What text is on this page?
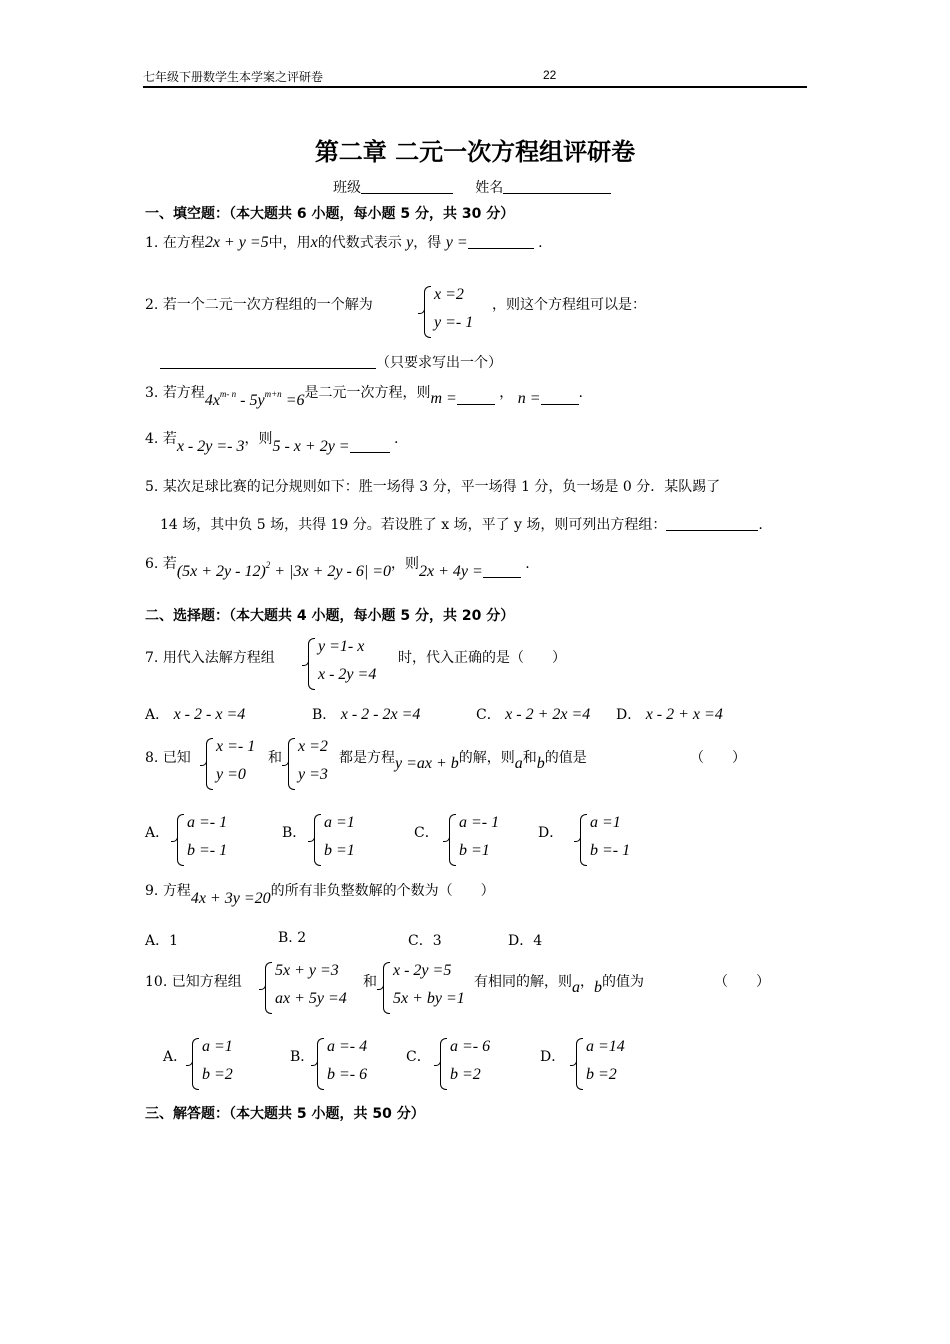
七年级下册数学生本学案之评研卷	22
第二章 二元一次方程组评研卷
班级	姓名
一、填空题：（本大题共 6 小题，每小题 5 分，共 30 分）
1. 在方程2x + y =5中，用x的代数式表示 y，得 y =	.
2. 若一个二元一次方程组的一个解为
x =2
y =- 1
，则这个方程组可以是：
（只要求写出一个）
3. 若方程$4x^{m- n} - 5y^{m+n} =6$是二元一次方程，则m =	， n =	.
4. 若x - 2y =- 3，则5 - x + 2y =	.
5. 某次足球比赛的记分规则如下：胜一场得 3 分，平一场得 1 分，负一场是 0 分．某队踢了
14 场，其中负 5 场，共得 19 分。若设胜了 x 场，平了 y 场，则可列出方程组：	.
6. 若$(5x + 2y - 12)^2 + |3x + 2y - 6| =0$，则2x + 4y =	.
二、选择题：（本大题共 4 小题，每小题 5 分，共 20 分）
7. 用代入法解方程组
y =1- x
x - 2y =4
时，代入正确的是（　　）
A． x - 2 - x =4	B． x - 2 - 2x =4	C． x - 2 + 2x =4 D． x - 2 + x =4
8. 已知
x =- 1
y =0
和
x =2
y =3
都是方程y =ax + b的解，则a和b的值是	（　　）
A．
a =- 1
b =- 1
B．
a =1
b =1
C．
a =- 1
b =1
D．
a =1
b =- 1
9. 方程4x + 3y =20的所有非负整数解的个数为（　　）
A．1	B. 2	C．3	D．4
10. 已知方程组
5x + y =3
ax + 5y =4
和
x - 2y =5
5x + by =1
有相同的解，则a，b的值为	（　　）
A．
a =1
b =2
B．
a =- 4
b =- 6
C．
a =- 6
b =2
D．
a =14
b =2
三、解答题：（本大题共 5 小题，共 50 分）
